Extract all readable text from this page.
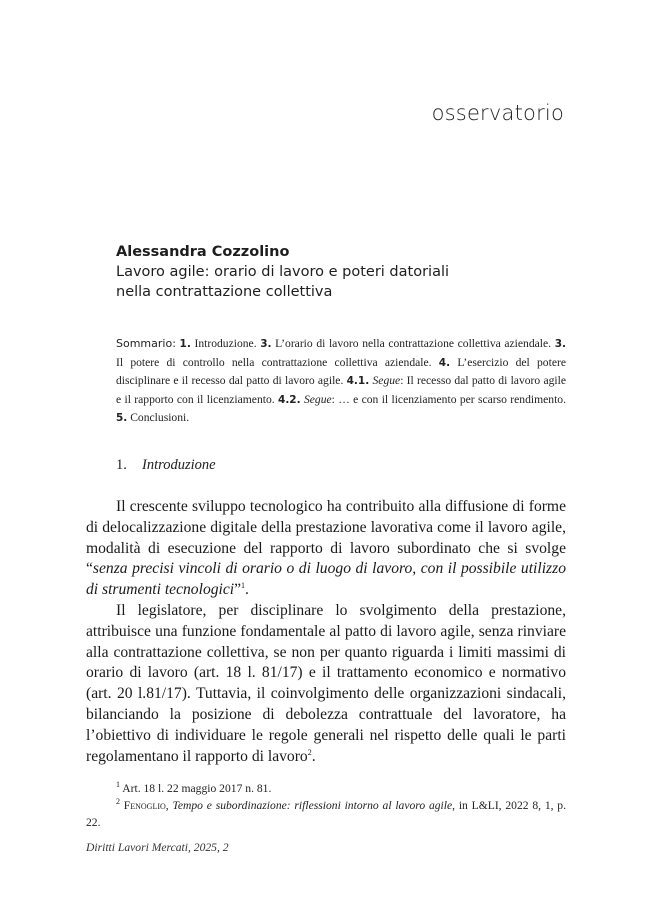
osservatorio
Alessandra Cozzolino
Lavoro agile: orario di lavoro e poteri datoriali
nella contrattazione collettiva
Sommario: 1. Introduzione. 3. L’orario di lavoro nella contrattazione collettiva aziendale. 3. Il potere di controllo nella contrattazione collettiva aziendale. 4. L’esercizio del potere disciplinare e il recesso dal patto di lavoro agile. 4.1. Segue: Il recesso dal patto di lavoro agile e il rapporto con il licenziamento. 4.2. Segue: … e con il licenziamento per scarso rendimento. 5. Conclusioni.
1. Introduzione

Il crescente sviluppo tecnologico ha contribuito alla diffusione di forme di delocalizzazione digitale della prestazione lavorativa come il lavoro agile, modalità di esecuzione del rapporto di lavoro subordinato che si svolge “senza precisi vincoli di orario o di luogo di lavoro, con il possibile utilizzo di strumenti tecnologici”$^1$.

Il legislatore, per disciplinare lo svolgimento della prestazione, attribuisce una funzione fondamentale al patto di lavoro agile, senza rinviare alla contrattazione collettiva, se non per quanto riguarda i limiti massimi di orario di lavoro (art. 18 l. 81/17) e il trattamento economico e normativo (art. 20 l.81/17). Tuttavia, il coinvolgimento delle organizzazioni sindacali, bilanciando la posizione di debolezza contrattuale del lavoratore, ha l’obiettivo di individuare le regole generali nel rispetto delle quali le parti regolamentano il rapporto di lavoro$^2$.

$^1$ Art. 18 l. 22 maggio 2017 n. 81.

$^2$ Fenoglio, Tempo e subordinazione: riflessioni intorno al lavoro agile, in L&LI, 2022 8, 1, p. 22.

Diritti Lavori Mercati, 2025, 2
